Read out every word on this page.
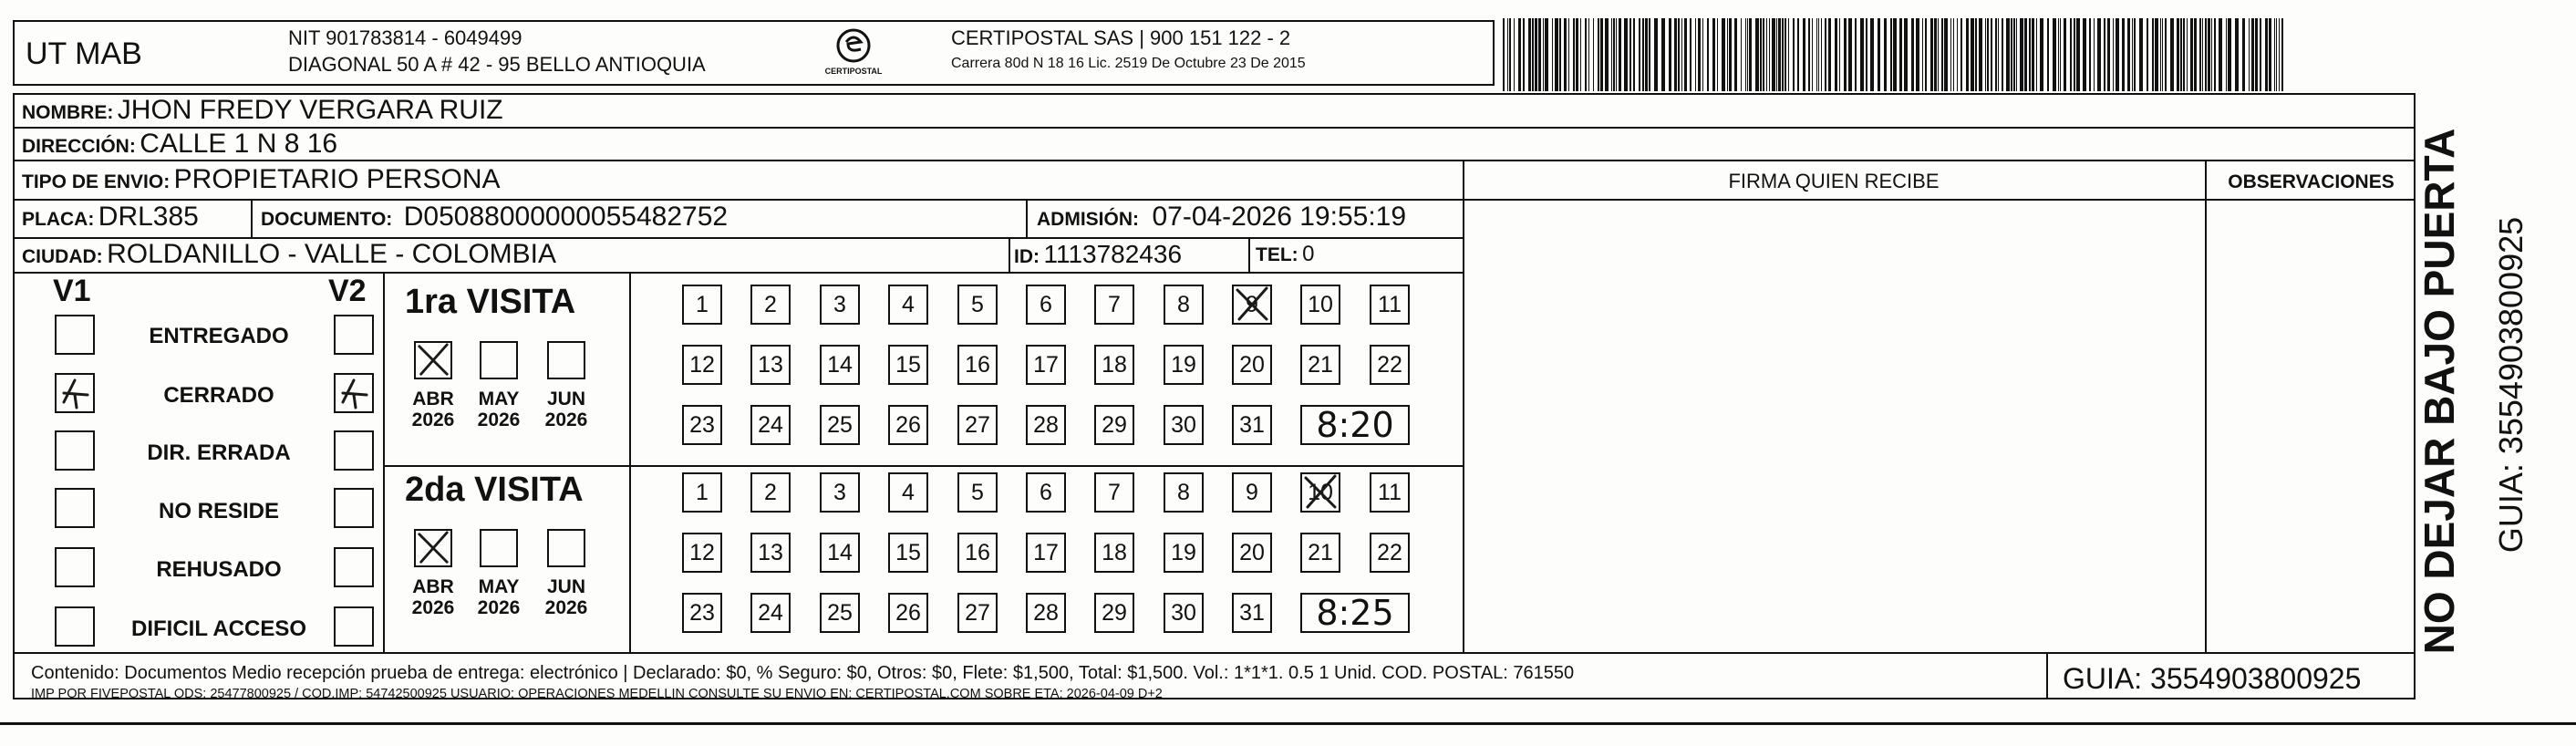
UT MAB	NIT 901783814 - 6049499
DIAGONAL 50 A # 42 - 95 BELLO ANTIOQUIA	CERTIPOSTAL
CERTIPOSTAL SAS | 900 151 122 - 2
Carrera 80d N 18 16 Lic. 2519 De Octubre 23 De 2015
NOMBRE: JHON FREDY VERGARA RUIZ
DIRECCIÓN: CALLE 1 N 8 16
TIPO DE ENVIO: PROPIETARIO PERSONA	FIRMA QUIEN RECIBE	OBSERVACIONES
PLACA: DRL385	DOCUMENTO: D05088000000055482752	ADMISIÓN: 07-04-2026 19:55:19
CIUDAD: ROLDANILLO - VALLE - COLOMBIA	ID: 1113782436	TEL: 0
V1	V2
ENTREGADO
CERRADO
DIR. ERRADA
NO RESIDE
REHUSADO
DIFICIL ACCESO
1ra VISITA
ABR
2026
MAY
2026
JUN
2026
1	2	3	4	5	6	7	8	9	10	11
12	13	14	15	16	17	18	19	20	21	22
23	24	25	26	27	28	29	30	31	8:20
2da VISITA
ABR
2026
MAY
2026
JUN
2026
1	2	3	4	5	6	7	8	9	10	11
12	13	14	15	16	17	18	19	20	21	22
23	24	25	26	27	28	29	30	31	8:25
Contenido: Documentos Medio recepción prueba de entrega: electrónico | Declarado: $0, % Seguro: $0, Otros: $0, Flete: $1,500, Total: $1,500. Vol.: 1*1*1. 0.5 1 Unid. COD. POSTAL: 761550
IMP POR FIVEPOSTAL ODS: 25477800925 / COD.IMP: 54742500925 USUARIO: OPERACIONES MEDELLIN CONSULTE SU ENVIO EN: CERTIPOSTAL.COM SOBRE ETA: 2026-04-09 D+2	GUIA: 3554903800925
NO DEJAR BAJO PUERTA GUIA: 3554903800925
